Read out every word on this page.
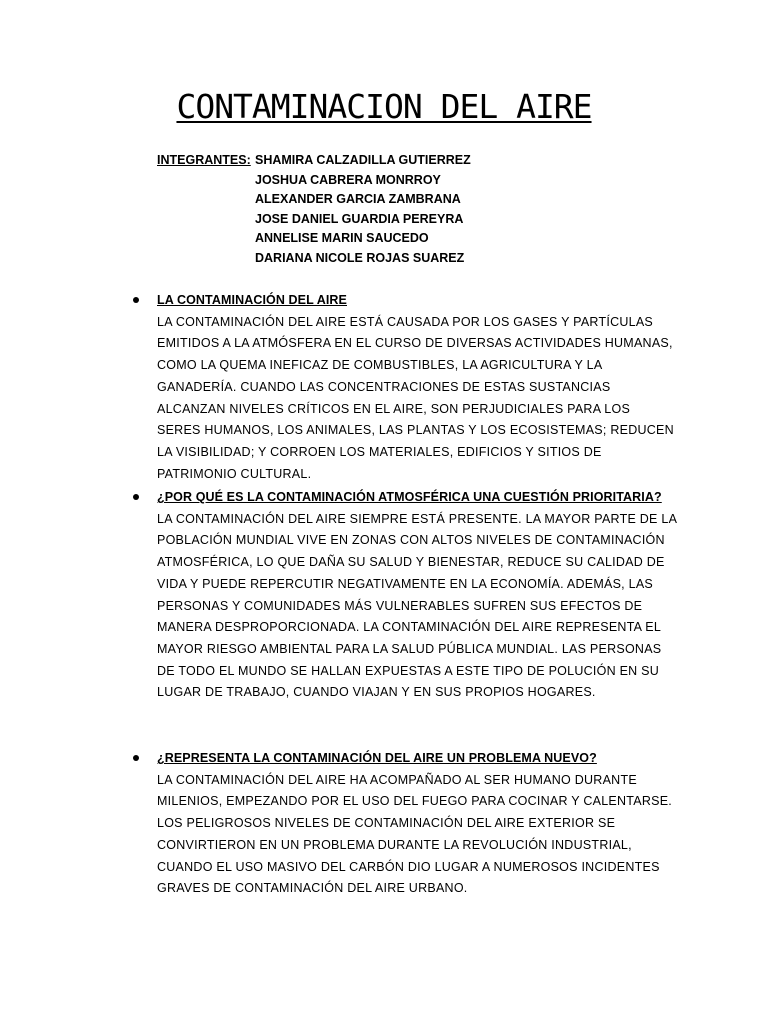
CONTAMINACION DEL AIRE
INTEGRANTES: SHAMIRA CALZADILLA GUTIERREZ
JOSHUA CABRERA MONRROY
ALEXANDER GARCIA ZAMBRANA
JOSE DANIEL GUARDIA PEREYRA
ANNELISE MARIN SAUCEDO
DARIANA NICOLE ROJAS SUAREZ
LA CONTAMINACIÓN DEL AIRE
LA CONTAMINACIÓN DEL AIRE ESTÁ CAUSADA POR LOS GASES Y PARTÍCULAS EMITIDOS A LA ATMÓSFERA EN EL CURSO DE DIVERSAS ACTIVIDADES HUMANAS, COMO LA QUEMA INEFICAZ DE COMBUSTIBLES, LA AGRICULTURA Y LA GANADERÍA. CUANDO LAS CONCENTRACIONES DE ESTAS SUSTANCIAS ALCANZAN NIVELES CRÍTICOS EN EL AIRE, SON PERJUDICIALES PARA LOS SERES HUMANOS, LOS ANIMALES, LAS PLANTAS Y LOS ECOSISTEMAS; REDUCEN LA VISIBILIDAD; Y CORROEN LOS MATERIALES, EDIFICIOS Y SITIOS DE PATRIMONIO CULTURAL.
¿POR QUÉ ES LA CONTAMINACIÓN ATMOSFÉRICA UNA CUESTIÓN PRIORITARIA?
LA CONTAMINACIÓN DEL AIRE SIEMPRE ESTÁ PRESENTE. LA MAYOR PARTE DE LA POBLACIÓN MUNDIAL VIVE EN ZONAS CON ALTOS NIVELES DE CONTAMINACIÓN ATMOSFÉRICA, LO QUE DAÑA SU SALUD Y BIENESTAR, REDUCE SU CALIDAD DE VIDA Y PUEDE REPERCUTIR NEGATIVAMENTE EN LA ECONOMÍA. ADEMÁS, LAS PERSONAS Y COMUNIDADES MÁS VULNERABLES SUFREN SUS EFECTOS DE MANERA DESPROPORCIONADA. LA CONTAMINACIÓN DEL AIRE REPRESENTA EL MAYOR RIESGO AMBIENTAL PARA LA SALUD PÚBLICA MUNDIAL. LAS PERSONAS DE TODO EL MUNDO SE HALLAN EXPUESTAS A ESTE TIPO DE POLUCIÓN EN SU LUGAR DE TRABAJO, CUANDO VIAJAN Y EN SUS PROPIOS HOGARES.
¿REPRESENTA LA CONTAMINACIÓN DEL AIRE UN PROBLEMA NUEVO?
LA CONTAMINACIÓN DEL AIRE HA ACOMPAÑADO AL SER HUMANO DURANTE MILENIOS, EMPEZANDO POR EL USO DEL FUEGO PARA COCINAR Y CALENTARSE. LOS PELIGROSOS NIVELES DE CONTAMINACIÓN DEL AIRE EXTERIOR SE CONVIRTIERON EN UN PROBLEMA DURANTE LA REVOLUCIÓN INDUSTRIAL, CUANDO EL USO MASIVO DEL CARBÓN DIO LUGAR A NUMEROSOS INCIDENTES GRAVES DE CONTAMINACIÓN DEL AIRE URBANO.
